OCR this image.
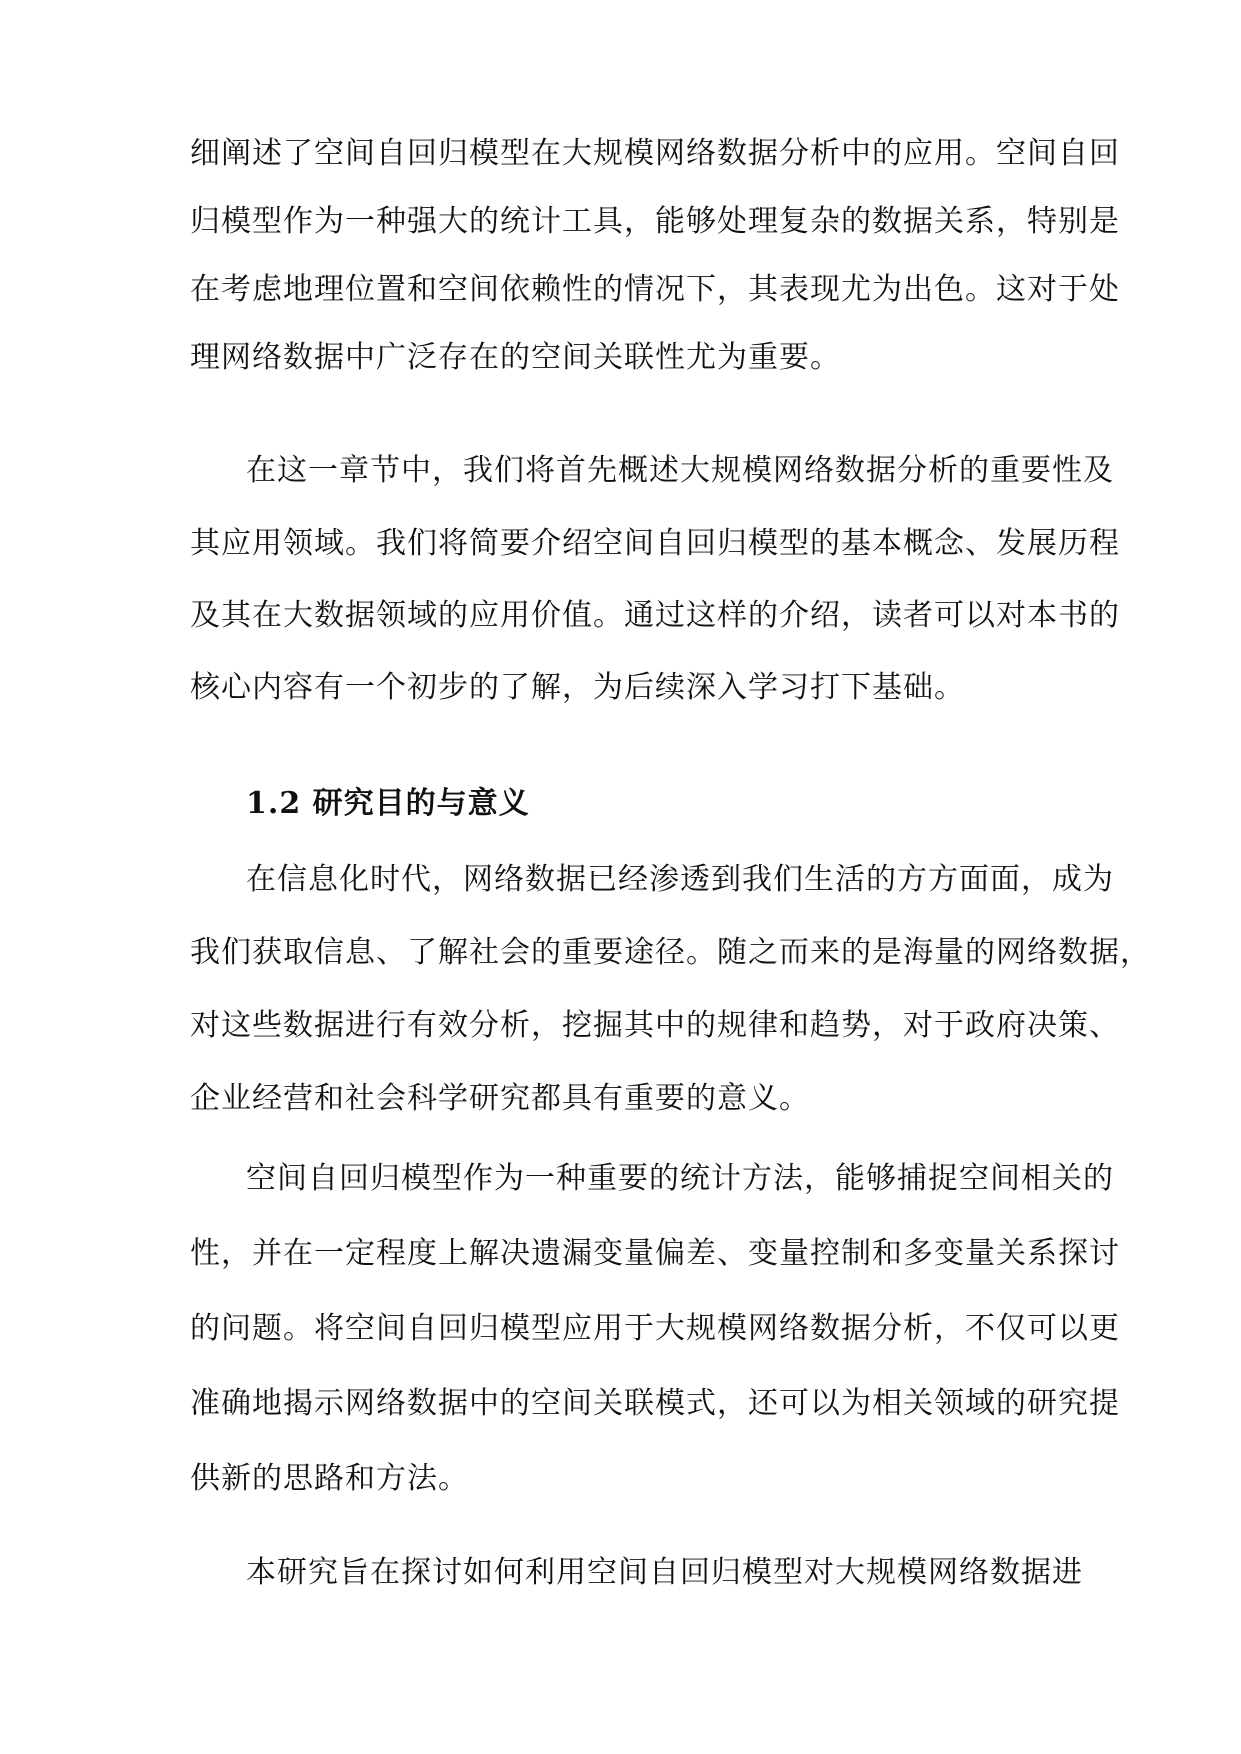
细阐述了空间自回归模型在大规模网络数据分析中的应用。空间自回
归模型作为一种强大的统计工具，能够处理复杂的数据关系，特别是
在考虑地理位置和空间依赖性的情况下，其表现尤为出色。这对于处
理网络数据中广泛存在的空间关联性尤为重要。
在这一章节中，我们将首先概述大规模网络数据分析的重要性及
其应用领域。我们将简要介绍空间自回归模型的基本概念、发展历程
及其在大数据领域的应用价值。通过这样的介绍，读者可以对本书的
核心内容有一个初步的了解，为后续深入学习打下基础。
1.2 研究目的与意义
在信息化时代，网络数据已经渗透到我们生活的方方面面，成为
我们获取信息、了解社会的重要途径。随之而来的是海量的网络数据，
对这些数据进行有效分析，挖掘其中的规律和趋势，对于政府决策、
企业经营和社会科学研究都具有重要的意义。
空间自回归模型作为一种重要的统计方法，能够捕捉空间相关的
性，并在一定程度上解决遗漏变量偏差、变量控制和多变量关系探讨
的问题。将空间自回归模型应用于大规模网络数据分析，不仅可以更
准确地揭示网络数据中的空间关联模式，还可以为相关领域的研究提
供新的思路和方法。
本研究旨在探讨如何利用空间自回归模型对大规模网络数据进
